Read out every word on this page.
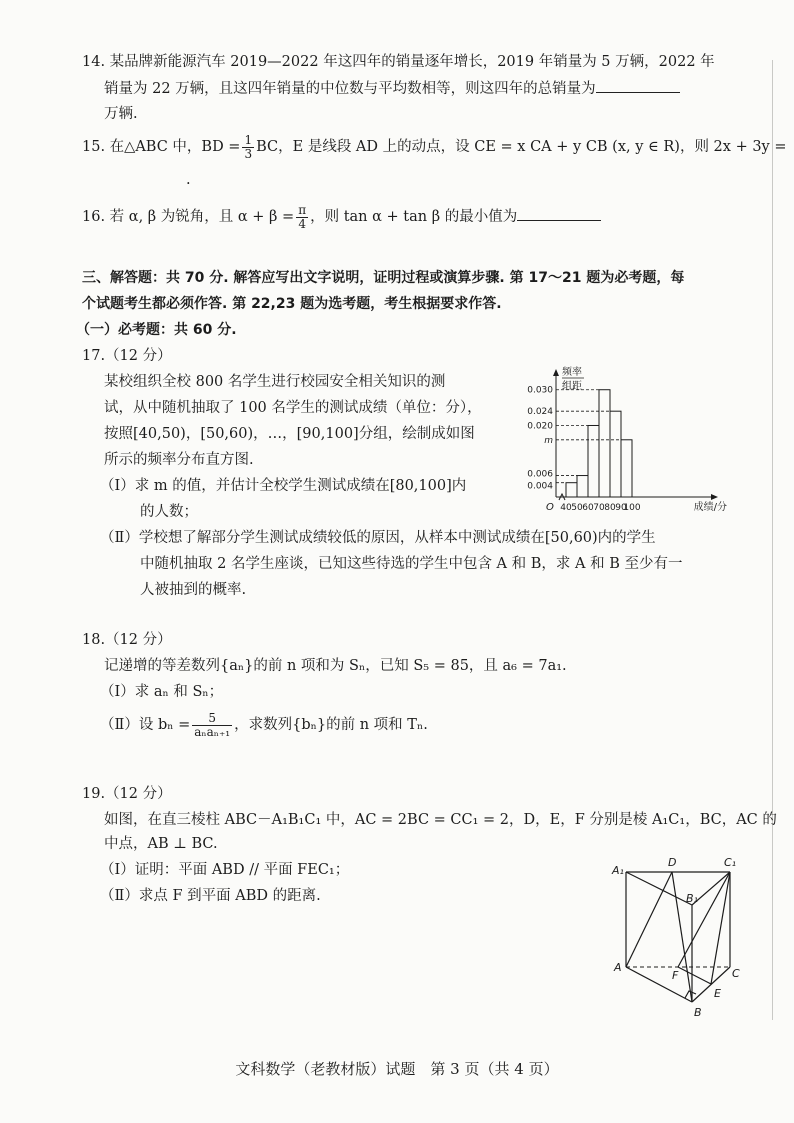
14. 某品牌新能源汽车 2019—2022 年这四年的销量逐年增长，2019 年销量为 5 万辆，2022 年
销量为 22 万辆，且这四年销量的中位数与平均数相等，则这四年的总销量为
万辆.
15. 在△ABC 中，BD = $\frac{1}{3}$ BC，E 是线段 AD 上的动点，设 CE = x CA + y CB (x, y ∈ R)，则 2x + 3y =
.
16. 若 α, β 为锐角，且 $\alpha + \beta = \frac{\pi}{4}$ ，则 tan α + tan β 的最小值为
三、解答题：共 70 分. 解答应写出文字说明，证明过程或演算步骤. 第 17～21 题为必考题，每
个试题考生都必须作答. 第 22,23 题为选考题，考生根据要求作答.
（一）必考题：共 60 分.
17.（12 分）
某校组织全校 800 名学生进行校园安全相关知识的测
试，从中随机抽取了 100 名学生的测试成绩（单位：分），
按照[40,50)，[50,60)，…，[90,100]分组，绘制成如图
所示的频率分布直方图.
（Ⅰ）求 m 的值，并估计全校学生测试成绩在[80,100]内
的人数；
（Ⅱ）学校想了解部分学生测试成绩较低的原因，从样本中测试成绩在[50,60)内的学生
中随机抽取 2 名学生座谈，已知这些待选的学生中包含 A 和 B，求 A 和 B 至少有一
人被抽到的概率.
0.004
0.006
m
0.020
0.024
0.030
40 50 60 70 80 90
100
O
频率
组距
成绩/分
18.（12 分）
记递增的等差数列{aₙ}的前 n 项和为 Sₙ，已知 S₅ = 85，且 a₆ = 7a₁.
（Ⅰ）求 aₙ 和 Sₙ；
（Ⅱ）设 $b_n = \frac{5}{\text{aₙaₙ₊₁}}$ ，求数列{bₙ}的前 n 项和 Tₙ.
19.（12 分）
如图，在直三棱柱 ABC－A₁B₁C₁ 中，AC = 2BC = CC₁ = 2，D，E，F 分别是棱 A₁C₁，BC，AC 的
中点，AB ⊥ BC.
（Ⅰ）证明：平面 ABD // 平面 FEC₁；
（Ⅱ）求点 F 到平面 ABD 的距离.
A₁
D	C₁
B₁
A
F	C
E
B
文科数学（老教材版）试题　第 3 页（共 4 页）
